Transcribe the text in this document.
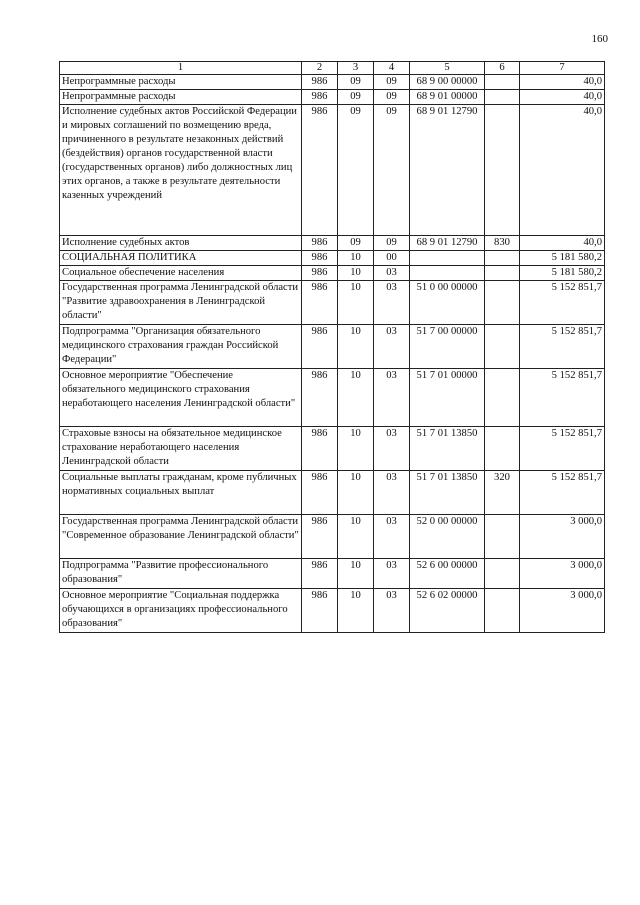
160
1	2	3	4	5	6	7
Непрограммные расходы	986	09	09	68 9 00 00000		40,0
Непрограммные расходы	986	09	09	68 9 01 00000		40,0
Исполнение судебных актов Российской Федерации и мировых соглашений по возмещению вреда, причиненного в результате незаконных действий (бездействия) органов государственной власти (государственных органов) либо должностных лиц этих органов, а также в результате деятельности казенных учреждений	986	09	09	68 9 01 12790		40,0
Исполнение судебных актов	986	09	09	68 9 01 12790	830	40,0
СОЦИАЛЬНАЯ ПОЛИТИКА	986	10	00			5 181 580,2
Социальное обеспечение населения	986	10	03			5 181 580,2
Государственная программа Ленинградской области "Развитие здравоохранения в Ленинградской области"	986	10	03	51 0 00 00000		5 152 851,7
Подпрограмма "Организация обязательного медицинского страхования граждан Российской Федерации"	986	10	03	51 7 00 00000		5 152 851,7
Основное мероприятие "Обеспечение обязательного медицинского страхования неработающего населения Ленинградской области"	986	10	03	51 7 01 00000		5 152 851,7
Страховые взносы на обязательное медицинское страхование неработающего населения Ленинградской области	986	10	03	51 7 01 13850		5 152 851,7
Социальные выплаты гражданам, кроме публичных нормативных социальных выплат	986	10	03	51 7 01 13850	320	5 152 851,7
Государственная программа Ленинградской области "Современное образование Ленинградской области"	986	10	03	52 0 00 00000		3 000,0
Подпрограмма "Развитие профессионального образования"	986	10	03	52 6 00 00000		3 000,0
Основное мероприятие "Социальная поддержка обучающихся в организациях профессионального образования"	986	10	03	52 6 02 00000		3 000,0
